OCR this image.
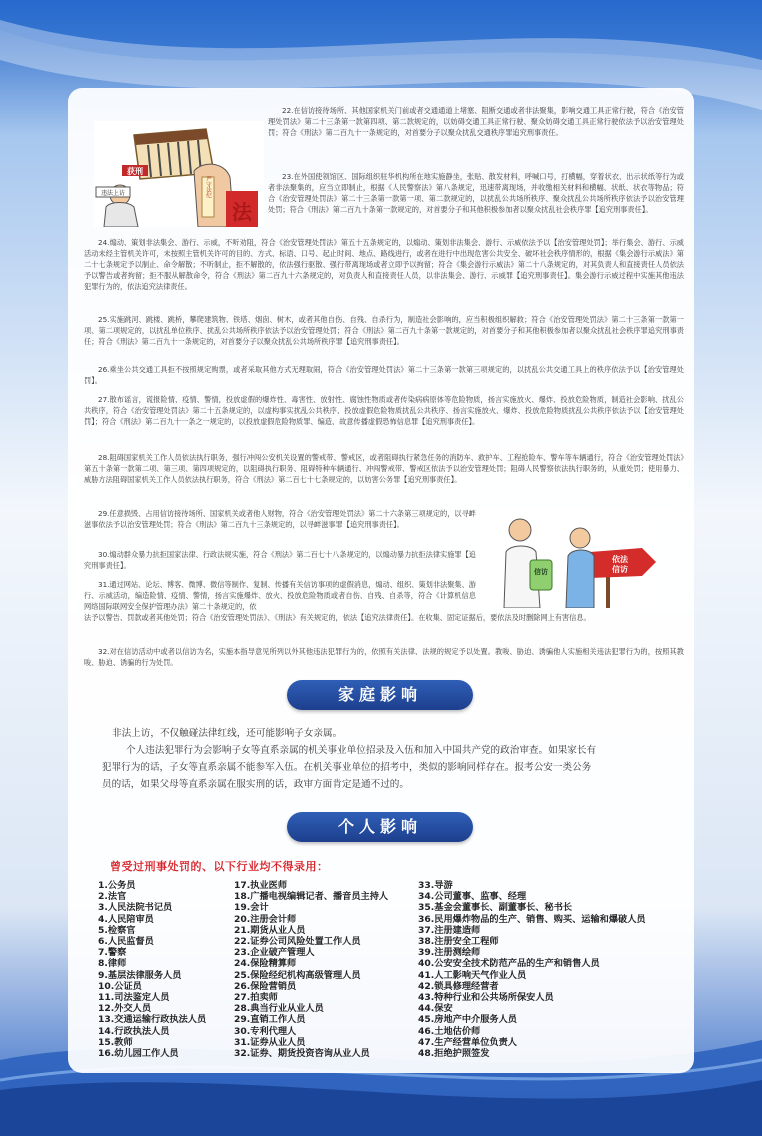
获刑
违法上访	严守法纪
法

22.在信访接待场所、其他国家机关门前或者交通通道上堵塞、阻断交通或者非法聚集，影响交通工具正常行驶，符合《治安管理处罚法》第二十三条第一款第四项、第二款规定的，以妨碍交通工具正常行驶、聚众妨碍交通工具正常行驶依法予以治安管理处罚；符合《刑法》第二百九十一条规定的，对首要分子以聚众扰乱交通秩序罪追究刑事责任。

23.在外国使领馆区、国际组织驻华机构所在地实施静坐，张贴、散发材料，呼喊口号，打横幅，穿着状衣、出示状纸等行为或者非法聚集的，应当立即制止，根据《人民警察法》第八条规定，迅速带离现场，并收缴相关材料和横幅、状纸、状衣等物品；符合《治安管理处罚法》第二十三条第一款第一项、第二款规定的，以扰乱公共场所秩序、聚众扰乱公共场所秩序依法予以治安管理处罚；符合《刑法》第二百九十条第一款规定的，对首要分子和其他积极参加者以聚众扰乱社会秩序罪【追究刑事责任】。

24.煽动、策划非法集会、游行、示威，不听劝阻，符合《治安管理处罚法》第五十五条规定的，以煽动、策划非法集会、游行、示威依法予以【治安管理处罚】；举行集会、游行、示威活动未经主管机关许可，未按照主管机关许可的目的、方式、标语、口号、起止时间、地点、路线进行，或者在进行中出现危害公共安全、破坏社会秩序情形的，根据《集会游行示威法》第二十七条规定予以制止、命令解散；不听制止，拒不解散的，依法强行驱散、强行带离现场或者立即予以拘留；符合《集会游行示威法》第二十八条规定的，对其负责人和直接责任人员依法予以警告或者拘留；拒不服从解散命令，符合《刑法》第二百九十六条规定的，对负责人和直接责任人员，以非法集会、游行、示威罪【追究刑事责任】。集会游行示威过程中实施其他违法犯罪行为的，依法追究法律责任。

25.实施跳河、跳楼、跳桥，攀爬建筑物、铁塔、烟囱、树木，或者其他自伤、自残、自杀行为，制造社会影响的，应当积极组织解救；符合《治安管理处罚法》第二十三条第一款第一项、第二项规定的，以扰乱单位秩序、扰乱公共场所秩序依法予以治安管理处罚；符合《刑法》第二百九十条第一款规定的，对首要分子和其他积极参加者以聚众扰乱社会秩序罪追究刑事责任；符合《刑法》第二百九十一条规定的，对首要分子以聚众扰乱公共场所秩序罪【追究刑事责任】。

26.乘坐公共交通工具拒不按照规定购票，或者采取其他方式无理取闹，符合《治安管理处罚法》第二十三条第一款第三项规定的，以扰乱公共交通工具上的秩序依法予以【治安管理处罚】。

27.散布谣言，谎报险情、疫情、警情，投放虚假的爆炸性、毒害性、放射性、腐蚀性物质或者传染病病原体等危险物质，扬言实施放火、爆炸、投放危险物质，制造社会影响、扰乱公共秩序，符合《治安管理处罚法》第二十五条规定的，以虚构事实扰乱公共秩序、投放虚假危险物质扰乱公共秩序、扬言实施放火、爆炸、投放危险物质扰乱公共秩序依法予以【治安管理处罚】；符合《刑法》第二百九十一条之一规定的，以投放虚假危险物质罪、编造、故意传播虚假恐怖信息罪【追究刑事责任】。

28.阻碍国家机关工作人员依法执行职务，强行冲闯公安机关设置的警戒带、警戒区，或者阻碍执行紧急任务的消防车、救护车、工程抢险车、警车等车辆通行，符合《治安管理处罚法》第五十条第一款第二项、第三项、第四项规定的，以阻碍执行职务、阻碍特种车辆通行、冲闯警戒带、警戒区依法予以治安管理处罚；阻碍人民警察依法执行职务的，从重处罚；使用暴力、威胁方法阻碍国家机关工作人员依法执行职务，符合《刑法》第二百七十七条规定的，以妨害公务罪【追究刑事责任】。

29.任意损毁、占用信访接待场所、国家机关或者他人财物，符合《治安管理处罚法》第二十六条第三项规定的，以寻衅滋事依法予以治安管理处罚；符合《刑法》第二百九十三条规定的，以寻衅滋事罪【追究刑事责任】。

30.煽动群众暴力抗拒国家法律、行政法规实施，符合《刑法》第二百七十八条规定的，以煽动暴力抗拒法律实施罪【追究刑事责任】。

31.通过网站、论坛、博客、微博、微信等制作、复制、传播有关信访事项的虚假消息，煽动、组织、策划非法聚集、游行、示威活动，编造险情、疫情、警情，扬言实施爆炸、放火、投放危险物质或者自伤、自残、自杀等，符合《计算机信息网络国际联网安全保护管理办法》第二十条规定的，依

法予以警告、罚款或者其他处罚；符合《治安管理处罚法》、《刑法》有关规定的，依法【追究法律责任】。在收集、固定证据后，要依法及时删除网上有害信息。

32.对在信访活动中或者以信访为名，实施本指导意见所列以外其他违法犯罪行为的，依照有关法律、法规的规定予以处置。教唆、胁迫、诱骗他人实施相关违法犯罪行为的，按照其教唆、胁迫、诱骗的行为处罚。

依法
信访
信访
家庭影响

非法上访，不仅触碰法律红线，还可能影响子女亲属。

个人违法犯罪行为会影响子女等直系亲属的机关事业单位招录及入伍和加入中国共产党的政治审查。如果家长有

犯罪行为的话，子女等直系亲属不能参军入伍。在机关事业单位的招考中，类似的影响同样存在。报考公安一类公务

员的话，如果父母等直系亲属在服实刑的话，政审方面肯定是通不过的。

个人影响
曾受过刑事处罚的、以下行业均不得录用：
1.公务员
2.法官
3.人民法院书记员
4.人民陪审员
5.检察官
6.人民监督员
7.警察
8.律师
9.基层法律服务人员
10.公证员
11.司法鉴定人员
12.外交人员
13.交通运输行政执法人员
14.行政执法人员
15.教师
16.幼儿园工作人员
17.执业医师
18.广播电视编辑记者、播音员主持人
19.会计
20.注册会计师
21.期货从业人员
22.证券公司风险处置工作人员
23.企业破产管理人
24.保险精算师
25.保险经纪机构高级管理人员
26.保险营销员
27.拍卖师
28.典当行业从业人员
29.直销工作人员
30.专利代理人
31.证券从业人员
32.证券、期货投资咨询从业人员
33.导游
34.公司董事、监事、经理
35.基金会董事长、副董事长、秘书长
36.民用爆炸物品的生产、销售、购买、运输和爆破人员
37.注册建造师
38.注册安全工程师
39.注册测绘师
40.公安安全技术防范产品的生产和销售人员
41.人工影响天气作业人员
42.锁具修理经营者
43.特种行业和公共场所保安人员
44.保安
45.房地产中介服务人员
46.土地估价师
47.生产经营单位负责人
48.拒绝护照签发
